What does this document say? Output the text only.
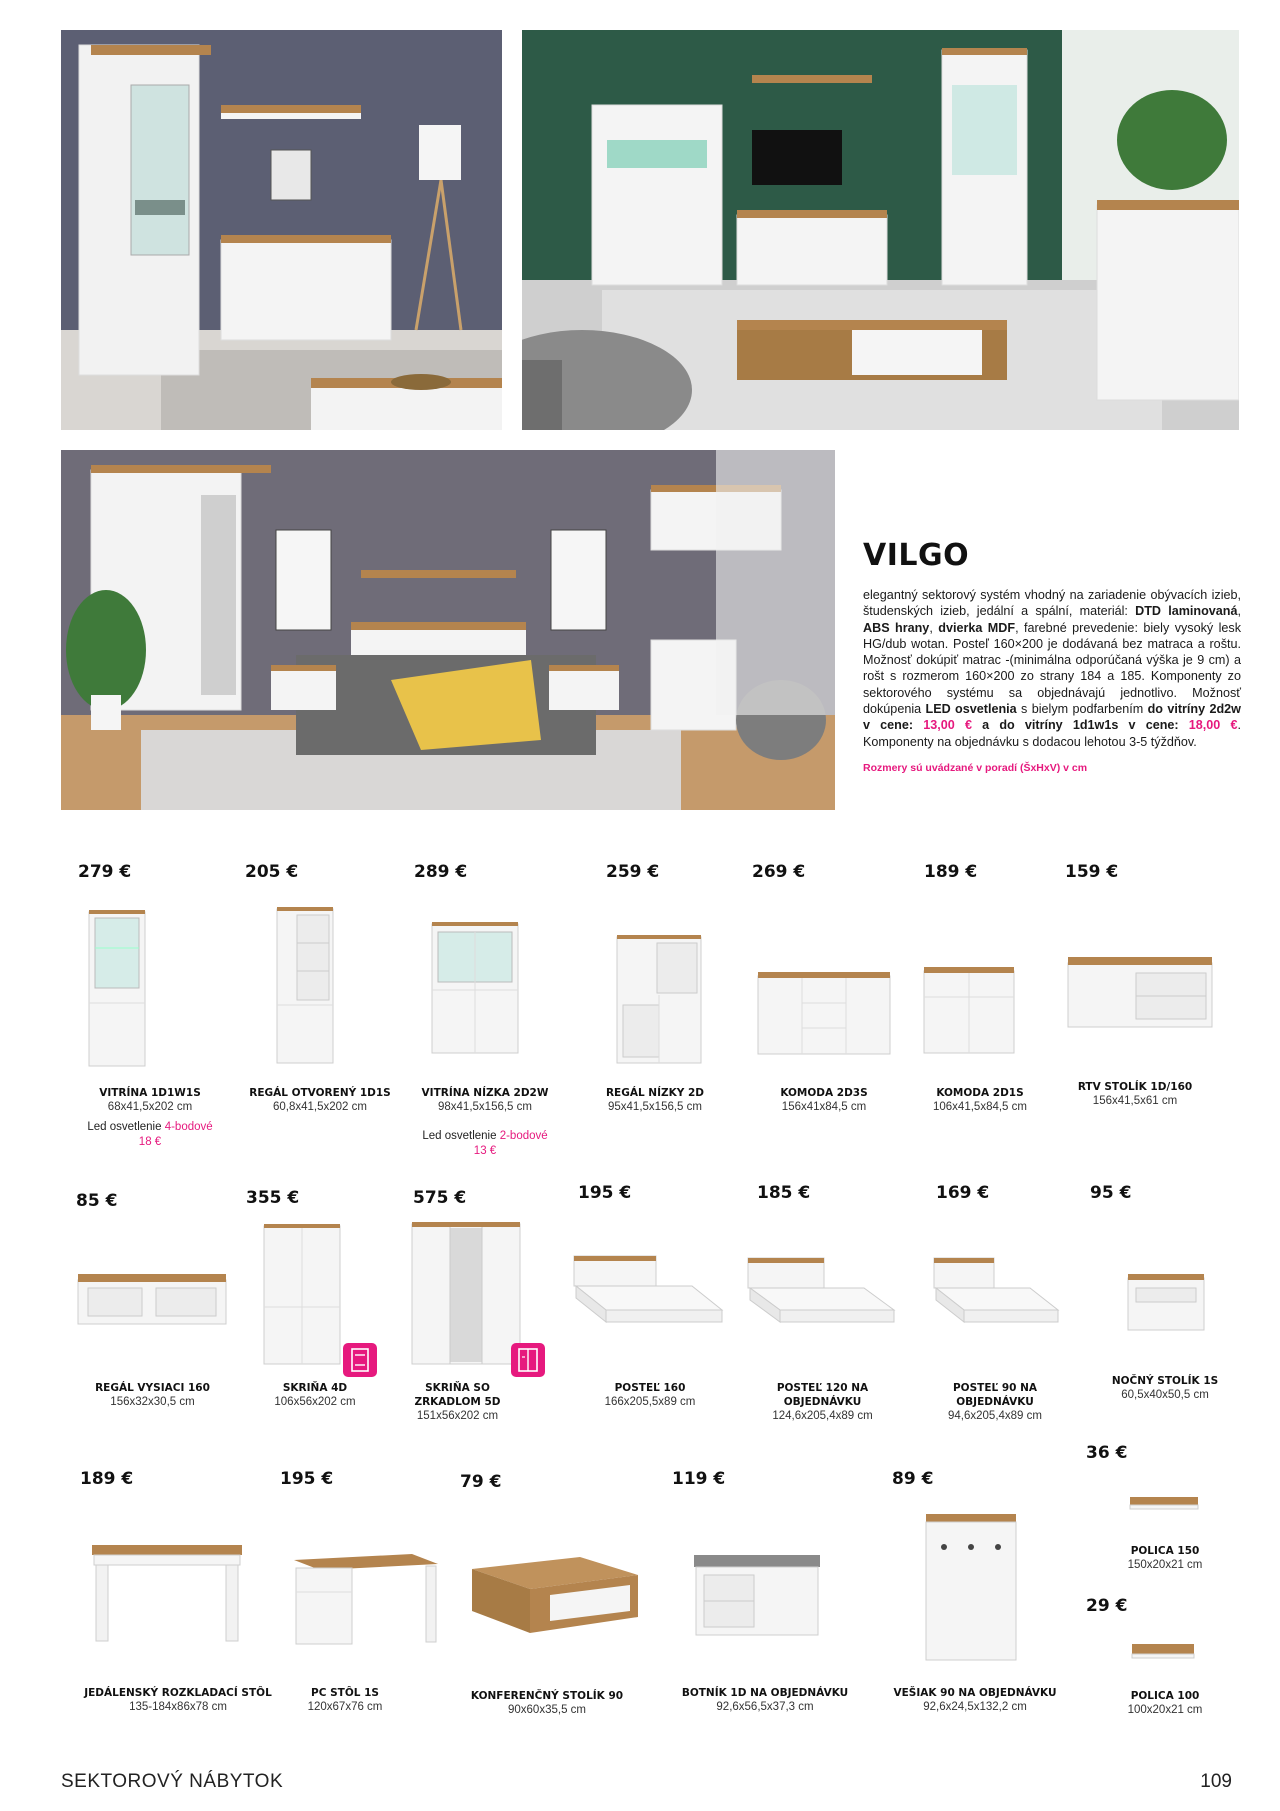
VILGO

elegantný sektorový systém vhodný na zariadenie obývacích izieb, študenských izieb, jedální a spální, materiál: DTD laminovaná, ABS hrany, dvierka MDF, farebné prevedenie: biely vysoký lesk HG/dub wotan. Posteľ 160×200 je dodávaná bez matraca a roštu. Možnosť dokúpiť matrac -(minimálna odporúčaná výška je 9 cm) a rošt s rozmerom 160×200 zo strany 184 a 185. Komponenty zo sektorového systému sa objednávajú jednotlivo. Možnosť dokúpenia LED osvetlenia s bielym podfarbením do vitríny 2d2w v cene: 13,00 € a do vitríny 1d1w1s v cene: 18,00 €. Komponenty na objednávku s dodacou lehotou 3-5 týždňov.

Rozmery sú uvádzané v poradí (ŠxHxV) v cm
279 €
VITRÍNA 1D1W1S
68x41,5x202 cm
Led osvetlenie 4-bodové
18 €
205 €
REGÁL OTVORENÝ 1D1S
60,8x41,5x202 cm
289 €
VITRÍNA NÍZKA 2D2W
98x41,5x156,5 cm
Led osvetlenie 2-bodové
13 €
259 €
REGÁL NÍZKY 2D
95x41,5x156,5 cm
269 €
KOMODA 2D3S
156x41x84,5 cm
189 €
KOMODA 2D1S
106x41,5x84,5 cm
159 €
RTV STOLÍK 1D/160
156x41,5x61 cm
85 €
REGÁL VYSIACI 160
156x32x30,5 cm
355 €
SKRIŇA 4D
106x56x202 cm
575 €
SKRIŇA SO
ZRKADLOM 5D
151x56x202 cm
195 €
POSTEĽ 160
166x205,5x89 cm
185 €
POSTEĽ 120 NA
OBJEDNÁVKU
124,6x205,4x89 cm
169 €
POSTEĽ 90 NA
OBJEDNÁVKU
94,6x205,4x89 cm
95 €
NOČNÝ STOLÍK 1S
60,5x40x50,5 cm
189 €
JEDÁLENSKÝ ROZKLADACÍ STÔL
135-184x86x78 cm
195 €
PC STÔL 1S
120x67x76 cm
79 €
KONFERENČNÝ STOLÍK 90
90x60x35,5 cm
119 €
BOTNÍK 1D NA OBJEDNÁVKU
92,6x56,5x37,3 cm
89 €
VEŠIAK 90 NA OBJEDNÁVKU
92,6x24,5x132,2 cm
36 €
POLICA 150
150x20x21 cm
29 €
POLICA 100
100x20x21 cm
SEKTOROVÝ NÁBYTOK	109
